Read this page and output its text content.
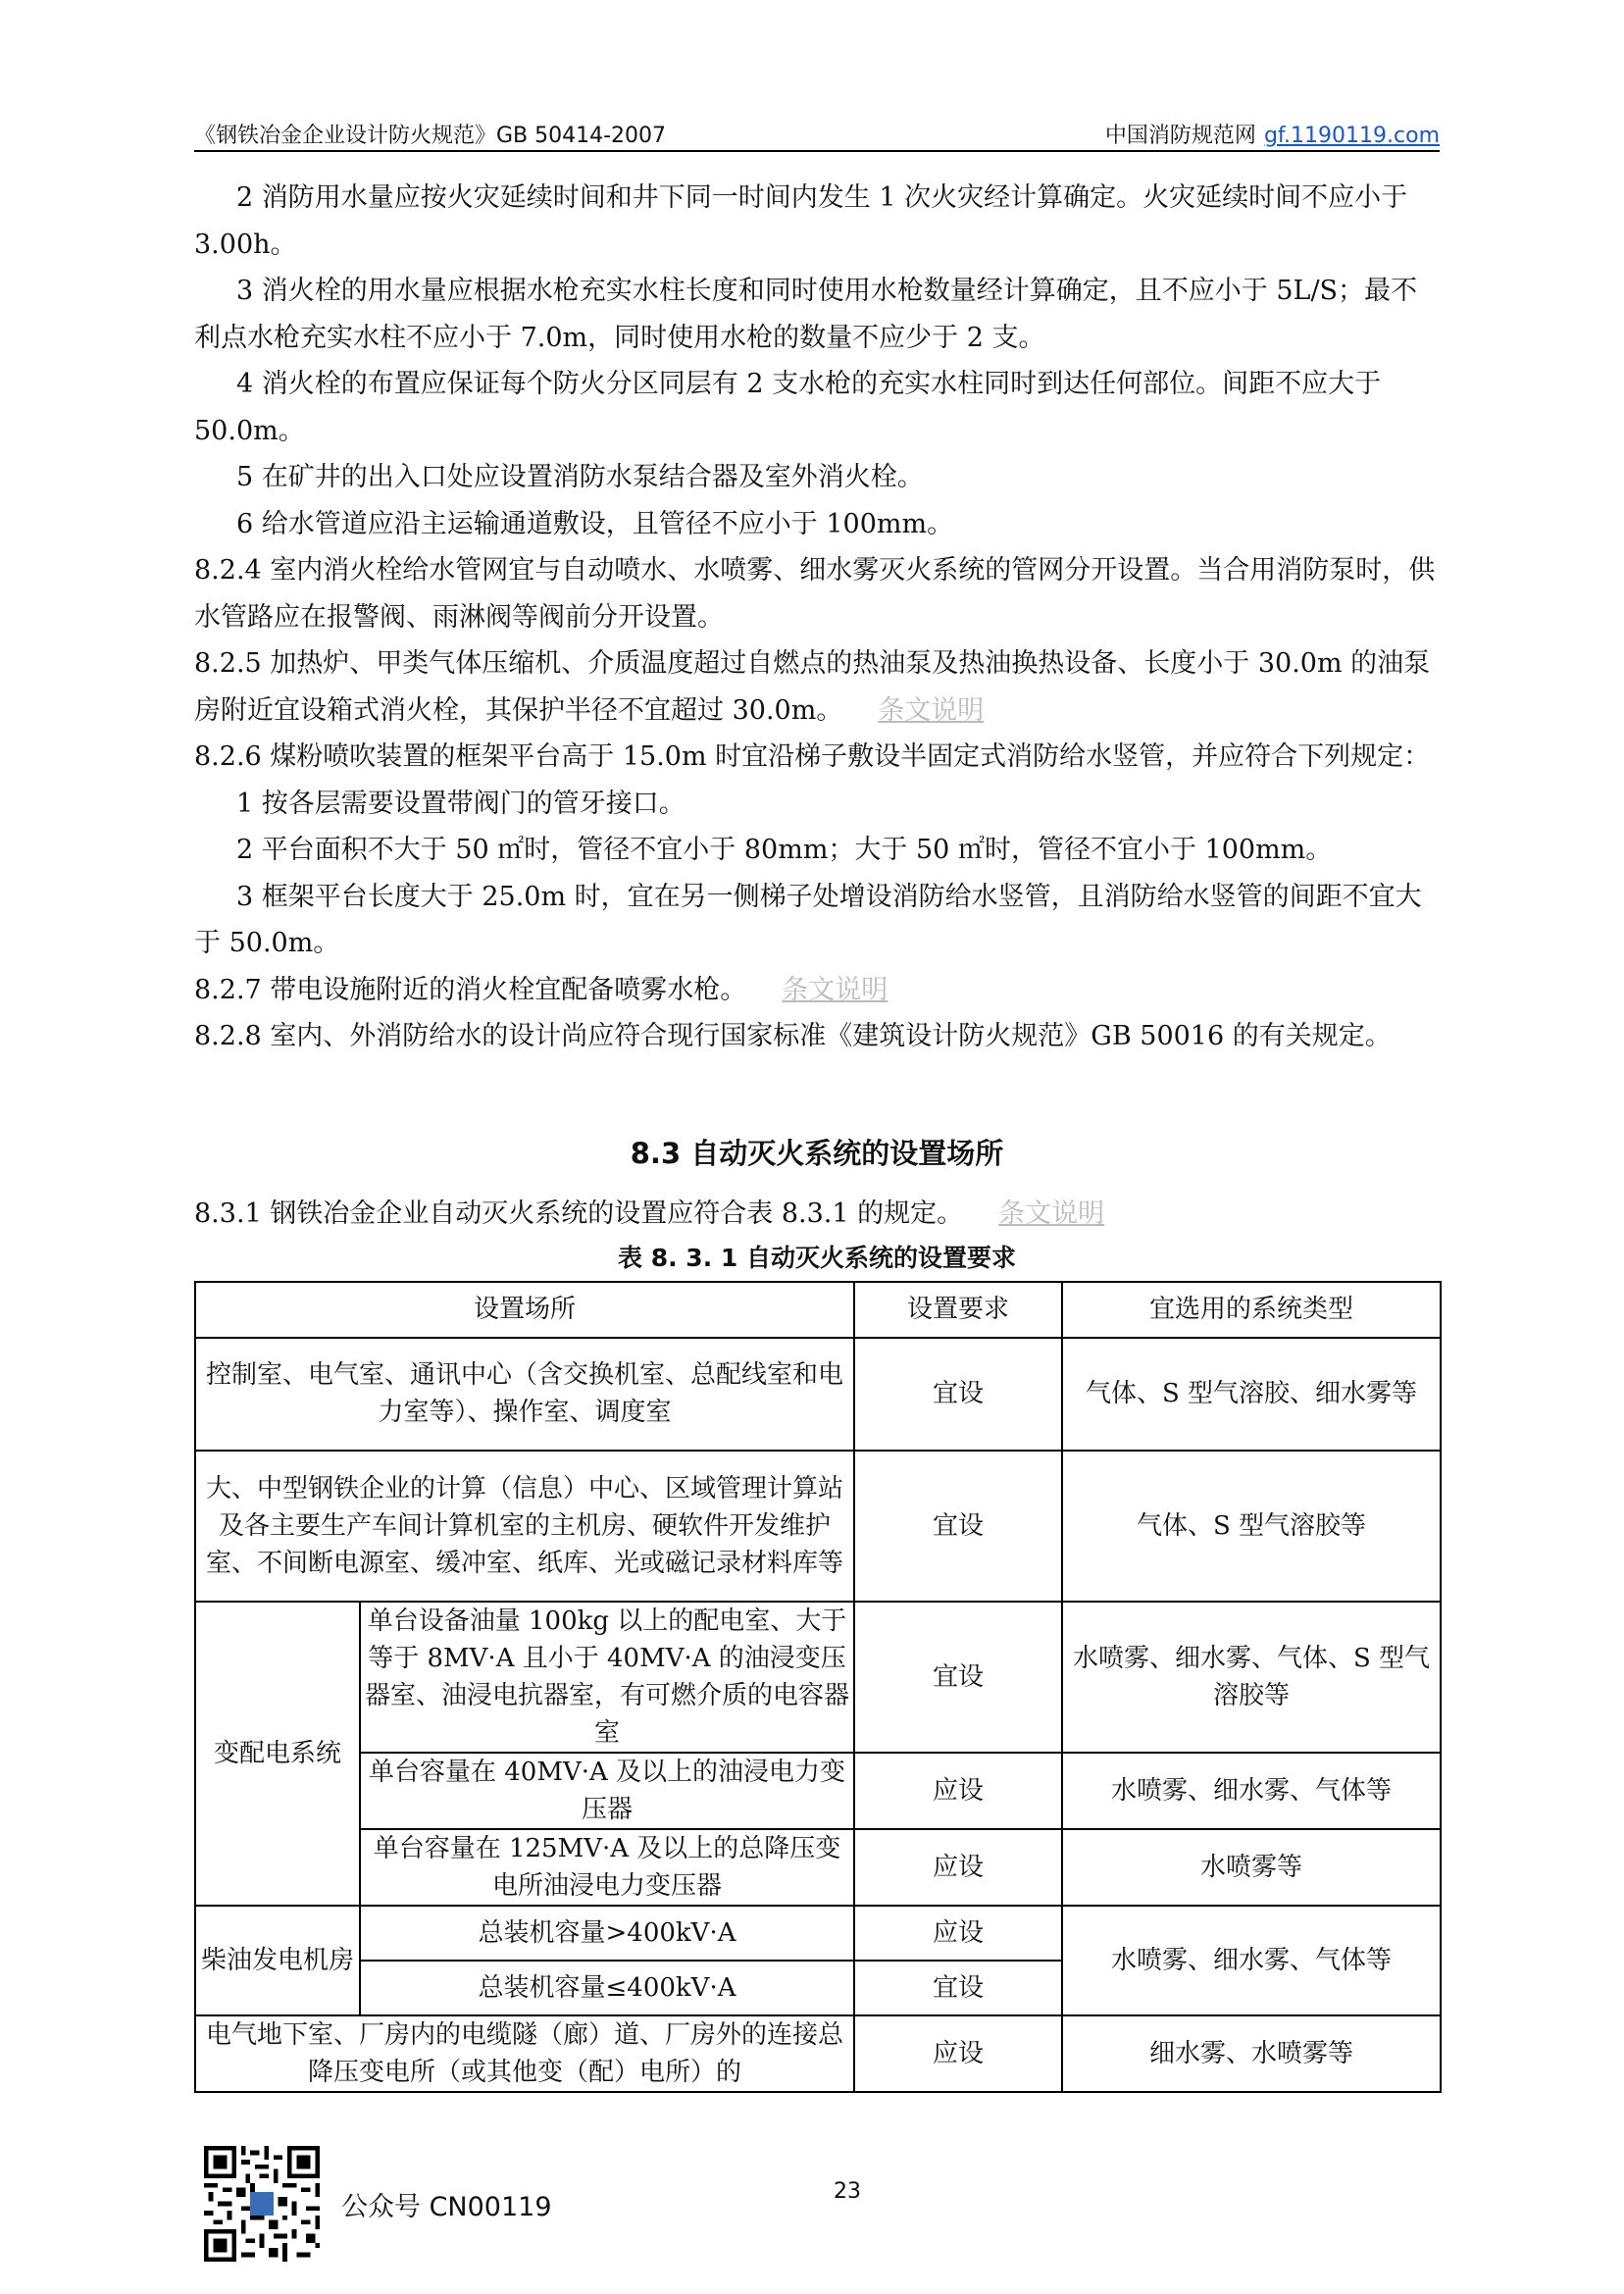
《钢铁冶金企业设计防火规范》GB 50414-2007	中国消防规范网 gf.1190119.com

2 消防用水量应按火灾延续时间和井下同一时间内发生 1 次火灾经计算确定。火灾延续时间不应小于 3.00h。

3 消火栓的用水量应根据水枪充实水柱长度和同时使用水枪数量经计算确定，且不应小于 5L/S；最不利点水枪充实水柱不应小于 7.0m，同时使用水枪的数量不应少于 2 支。

4 消火栓的布置应保证每个防火分区同层有 2 支水枪的充实水柱同时到达任何部位。间距不应大于 50.0m。

5 在矿井的出入口处应设置消防水泵结合器及室外消火栓。

6 给水管道应沿主运输通道敷设，且管径不应小于 100mm。

8.2.4 室内消火栓给水管网宜与自动喷水、水喷雾、细水雾灭火系统的管网分开设置。当合用消防泵时，供水管路应在报警阀、雨淋阀等阀前分开设置。

8.2.5 加热炉、甲类气体压缩机、介质温度超过自燃点的热油泵及热油换热设备、长度小于 30.0m 的油泵房附近宜设箱式消火栓，其保护半径不宜超过 30.0m。 条文说明

8.2.6 煤粉喷吹装置的框架平台高于 15.0m 时宜沿梯子敷设半固定式消防给水竖管，并应符合下列规定：

1 按各层需要设置带阀门的管牙接口。

2 平台面积不大于 50 ㎡时，管径不宜小于 80mm；大于 50 ㎡时，管径不宜小于 100mm。

3 框架平台长度大于 25.0m 时，宜在另一侧梯子处增设消防给水竖管，且消防给水竖管的间距不宜大于 50.0m。

8.2.7 带电设施附近的消火栓宜配备喷雾水枪。 条文说明

8.2.8 室内、外消防给水的设计尚应符合现行国家标准《建筑设计防火规范》GB 50016 的有关规定。

8.3 自动灭火系统的设置场所

8.3.1 钢铁冶金企业自动灭火系统的设置应符合表 8.3.1 的规定。 条文说明

表 8. 3. 1 自动灭火系统的设置要求

设置场所		设置要求	宜选用的系统类型
控制室、电气室、通讯中心（含交换机室、总配线室和电力室等）、操作室、调度室		宜设	气体、S 型气溶胶、细水雾等
大、中型钢铁企业的计算（信息）中心、区域管理计算站及各主要生产车间计算机室的主机房、硬软件开发维护室、不间断电源室、缓冲室、纸库、光或磁记录材料库等		宜设	气体、S 型气溶胶等
变配电系统	单台设备油量 100kg 以上的配电室、大于等于 8MV·A 且小于 40MV·A 的油浸变压器室、油浸电抗器室，有可燃介质的电容器室	宜设	水喷雾、细水雾、气体、S 型气溶胶等
	单台容量在 40MV·A 及以上的油浸电力变压器	应设	水喷雾、细水雾、气体等
	单台容量在 125MV·A 及以上的总降压变电所油浸电力变压器	应设	水喷雾等
柴油发电机房	总装机容量>400kV·A	应设	水喷雾、细水雾、气体等
	总装机容量≤400kV·A	宜设	
电气地下室、厂房内的电缆隧（廊）道、厂房外的连接总降压变电所（或其他变（配）电所）的		应设	细水雾、水喷雾等
公众号 CN00119
23
